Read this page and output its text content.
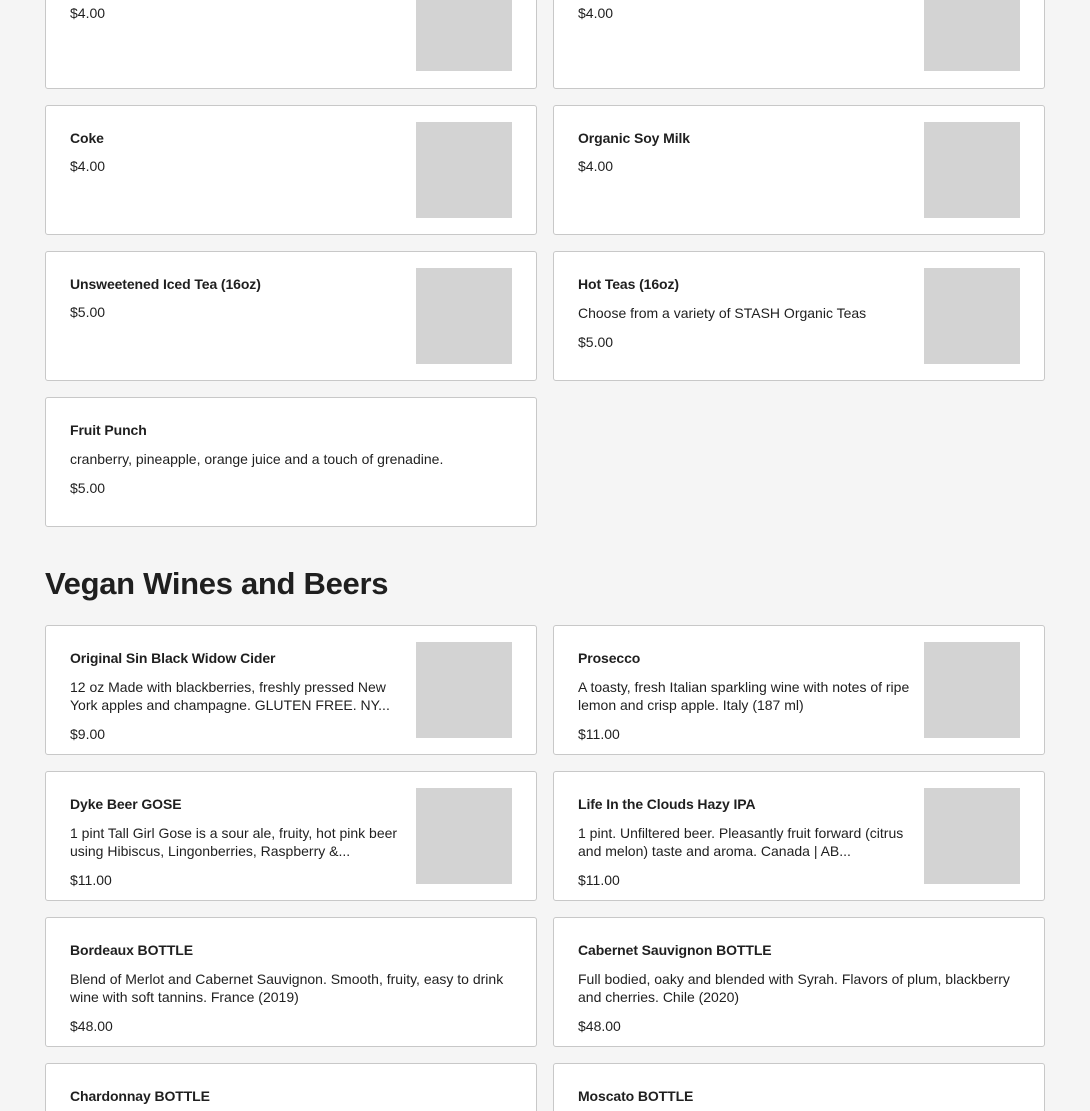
$4.00	$4.00
Coke
$4.00
Organic Soy Milk
$4.00
Unsweetened Iced Tea (16oz)
$5.00
Hot Teas (16oz)
Choose from a variety of STASH Organic Teas
$5.00
Fruit Punch
cranberry, pineapple, orange juice and a touch of grenadine.
$5.00
Vegan Wines and Beers
Original Sin Black Widow Cider
12 oz Made with blackberries, freshly pressed New York apples and champagne. GLUTEN FREE. NY...
$9.00
Prosecco
A toasty, fresh Italian sparkling wine with notes of ripe lemon and crisp apple. Italy (187 ml)
$11.00
Dyke Beer GOSE
1 pint Tall Girl Gose is a sour ale, fruity, hot pink beer using Hibiscus, Lingonberries, Raspberry &...
$11.00
Life In the Clouds Hazy IPA
1 pint. Unfiltered beer. Pleasantly fruit forward (citrus and melon) taste and aroma. Canada | AB...
$11.00
Bordeaux BOTTLE
Blend of Merlot and Cabernet Sauvignon. Smooth, fruity, easy to drink wine with soft tannins. France (2019)
$48.00
Cabernet Sauvignon BOTTLE
Full bodied, oaky and blended with Syrah. Flavors of plum, blackberry and cherries. Chile (2020)
$48.00
Chardonnay BOTTLE	Moscato BOTTLE
